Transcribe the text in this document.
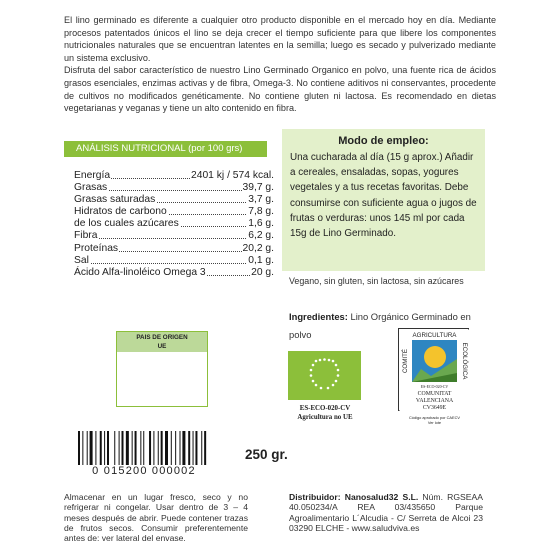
El lino germinado es diferente a cualquier otro producto disponible en el mercado hoy en día. Mediante procesos patentados únicos el lino se deja crecer el tiempo suficiente para que libere los componentes nutricionales naturales que se encuentran latentes en la semilla; luego es secado y pulverizado mediante un sistema exclusivo.

Disfruta del sabor característico de nuestro Lino Germinado Organico en polvo, una fuente rica de ácidos grasos esenciales, enzimas activas y de fibra, Omega-3. No contiene aditivos ni conservantes, procedente de cultivos no modificados genéticamente. No contiene gluten ni lactosa. Es recomendado en dietas vegetarianas y veganas y tiene un alto contenido en fibra.

ANÁLISIS NUTRICIONAL (por 100 grs)
Energía	2401 kj / 574 kcal.
Grasas	39,7 g.
Grasas saturadas	3,7 g.
Hidratos de carbono	7,8 g.
de los cuales azúcares	1,6 g.
Fibra	6,2 g.
Proteínas	20,2 g.
Sal	0,1 g.
Ácido Alfa-linoléico Omega 3	20 g.
Modo de empleo:
Una cucharada al día (15 g aprox.) Añadir a cereales, ensaladas, sopas, yogures vegetales y a tus recetas favoritas. Debe consumirse con suficiente agua o jugos de frutas o verduras: unos 145 ml por cada 15g de Lino Germinado.
Vegano, sin gluten, sin lactosa, sin azúcares
Ingredientes: Lino Orgánico Germinado en polvo
PAIS DE ORIGEN
UE
ES-ECO-020-CV
Agricultura no UE
AGRICULTURA
COMITÉ	ECOLÓGICA
ES-ECO-020-CV
COMUNITAT
VALENCIANA
CV3649E
Código aprobado por CAECV
Ver lote
0 015200 000002
250 gr.
Almacenar en un lugar fresco, seco y no refrigerar ni congelar. Usar dentro de 3 – 4 meses después de abrir. Puede contener trazas de frutos secos. Consumir preferentemente antes de: ver lateral del envase.
Distribuidor: Nanosalud32 S.L. Núm. RGSEAA 40.050234/A REA 03/435650 Parque Agroalimentario L´Alcudia - C/ Serreta de Alcoi 23 03290 ELCHE - www.saludviva.es
